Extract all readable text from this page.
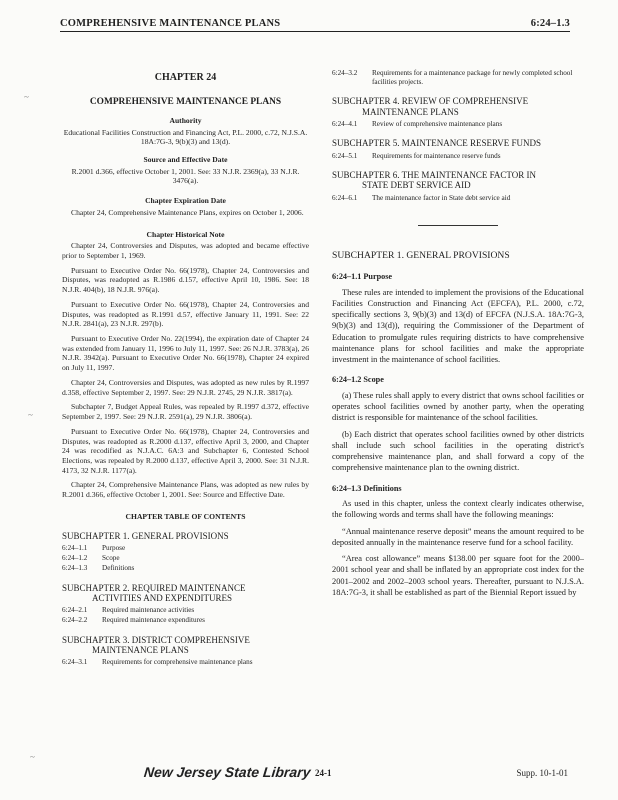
COMPREHENSIVE MAINTENANCE PLANS	6:24–1.3
~
~
~
CHAPTER 24
COMPREHENSIVE MAINTENANCE PLANS
Authority
Educational Facilities Construction and Financing Act, P.L. 2000, c.72, N.J.S.A. 18A:7G-3, 9(b)(3) and 13(d).
Source and Effective Date
R.2001 d.366, effective October 1, 2001. See: 33 N.J.R. 2369(a), 33 N.J.R. 3476(a).
Chapter Expiration Date
Chapter 24, Comprehensive Maintenance Plans, expires on October 1, 2006.
Chapter Historical Note
Chapter 24, Controversies and Disputes, was adopted and became effective prior to September 1, 1969.
Pursuant to Executive Order No. 66(1978), Chapter 24, Controversies and Disputes, was readopted as R.1986 d.157, effective April 10, 1986. See: 18 N.J.R. 404(b), 18 N.J.R. 976(a).
Pursuant to Executive Order No. 66(1978), Chapter 24, Controversies and Disputes, was readopted as R.1991 d.57, effective January 11, 1991. See: 22 N.J.R. 2841(a), 23 N.J.R. 297(b).
Pursuant to Executive Order No. 22(1994), the expiration date of Chapter 24 was extended from January 11, 1996 to July 11, 1997. See: 26 N.J.R. 3783(a), 26 N.J.R. 3942(a). Pursuant to Executive Order No. 66(1978), Chapter 24 expired on July 11, 1997.
Chapter 24, Controversies and Disputes, was adopted as new rules by R.1997 d.358, effective September 2, 1997. See: 29 N.J.R. 2745, 29 N.J.R. 3817(a).
Subchapter 7, Budget Appeal Rules, was repealed by R.1997 d.372, effective September 2, 1997. See: 29 N.J.R. 2591(a), 29 N.J.R. 3806(a).
Pursuant to Executive Order No. 66(1978), Chapter 24, Controversies and Disputes, was readopted as R.2000 d.137, effective April 3, 2000, and Chapter 24 was recodified as N.J.A.C. 6A:3 and Subchapter 6, Contested School Elections, was repealed by R.2000 d.137, effective April 3, 2000. See: 31 N.J.R. 4173, 32 N.J.R. 1177(a).
Chapter 24, Comprehensive Maintenance Plans, was adopted as new rules by R.2001 d.366, effective October 1, 2001. See: Source and Effective Date.
CHAPTER TABLE OF CONTENTS
SUBCHAPTER 1. GENERAL PROVISIONS
6:24–1.1	Purpose
6:24–1.2	Scope
6:24–1.3	Definitions
SUBCHAPTER 2. REQUIRED MAINTENANCE
ACTIVITIES AND EXPENDITURES
6:24–2.1	Required maintenance activities
6:24–2.2	Required maintenance expenditures
SUBCHAPTER 3. DISTRICT COMPREHENSIVE
MAINTENANCE PLANS
6:24–3.1	Requirements for comprehensive maintenance plans
6:24–3.2	Requirements for a maintenance package for newly completed school facilities projects.
SUBCHAPTER 4. REVIEW OF COMPREHENSIVE
MAINTENANCE PLANS
6:24–4.1	Review of comprehensive maintenance plans
SUBCHAPTER 5. MAINTENANCE RESERVE FUNDS
6:24–5.1	Requirements for maintenance reserve funds
SUBCHAPTER 6. THE MAINTENANCE FACTOR IN
STATE DEBT SERVICE AID
6:24–6.1	The maintenance factor in State debt service aid
SUBCHAPTER 1. GENERAL PROVISIONS
6:24–1.1 Purpose
These rules are intended to implement the provisions of the Educational Facilities Construction and Financing Act (EFCFA), P.L. 2000, c.72, specifically sections 3, 9(b)(3) and 13(d) of EFCFA (N.J.S.A. 18A:7G-3, 9(b)(3) and 13(d)), requiring the Commissioner of the Department of Education to promulgate rules requiring districts to have comprehensive maintenance plans for school facilities and make the appropriate investment in the maintenance of school facilities.
6:24–1.2 Scope
(a) These rules shall apply to every district that owns school facilities or operates school facilities owned by another party, when the operating district is responsible for maintenance of the school facilities.
(b) Each district that operates school facilities owned by other districts shall include such school facilities in the operating district's comprehensive maintenance plan, and shall forward a copy of the comprehensive maintenance plan to the owning district.
6:24–1.3 Definitions
As used in this chapter, unless the context clearly indicates otherwise, the following words and terms shall have the following meanings:
“Annual maintenance reserve deposit” means the amount required to be deposited annually in the maintenance reserve fund for a school facility.
“Area cost allowance” means $138.00 per square foot for the 2000–2001 school year and shall be inflated by an appropriate cost index for the 2001–2002 and 2002–2003 school years. Thereafter, pursuant to N.J.S.A. 18A:7G-3, it shall be established as part of the Biennial Report issued by
New Jersey State Library 24-1	Supp. 10-1-01
